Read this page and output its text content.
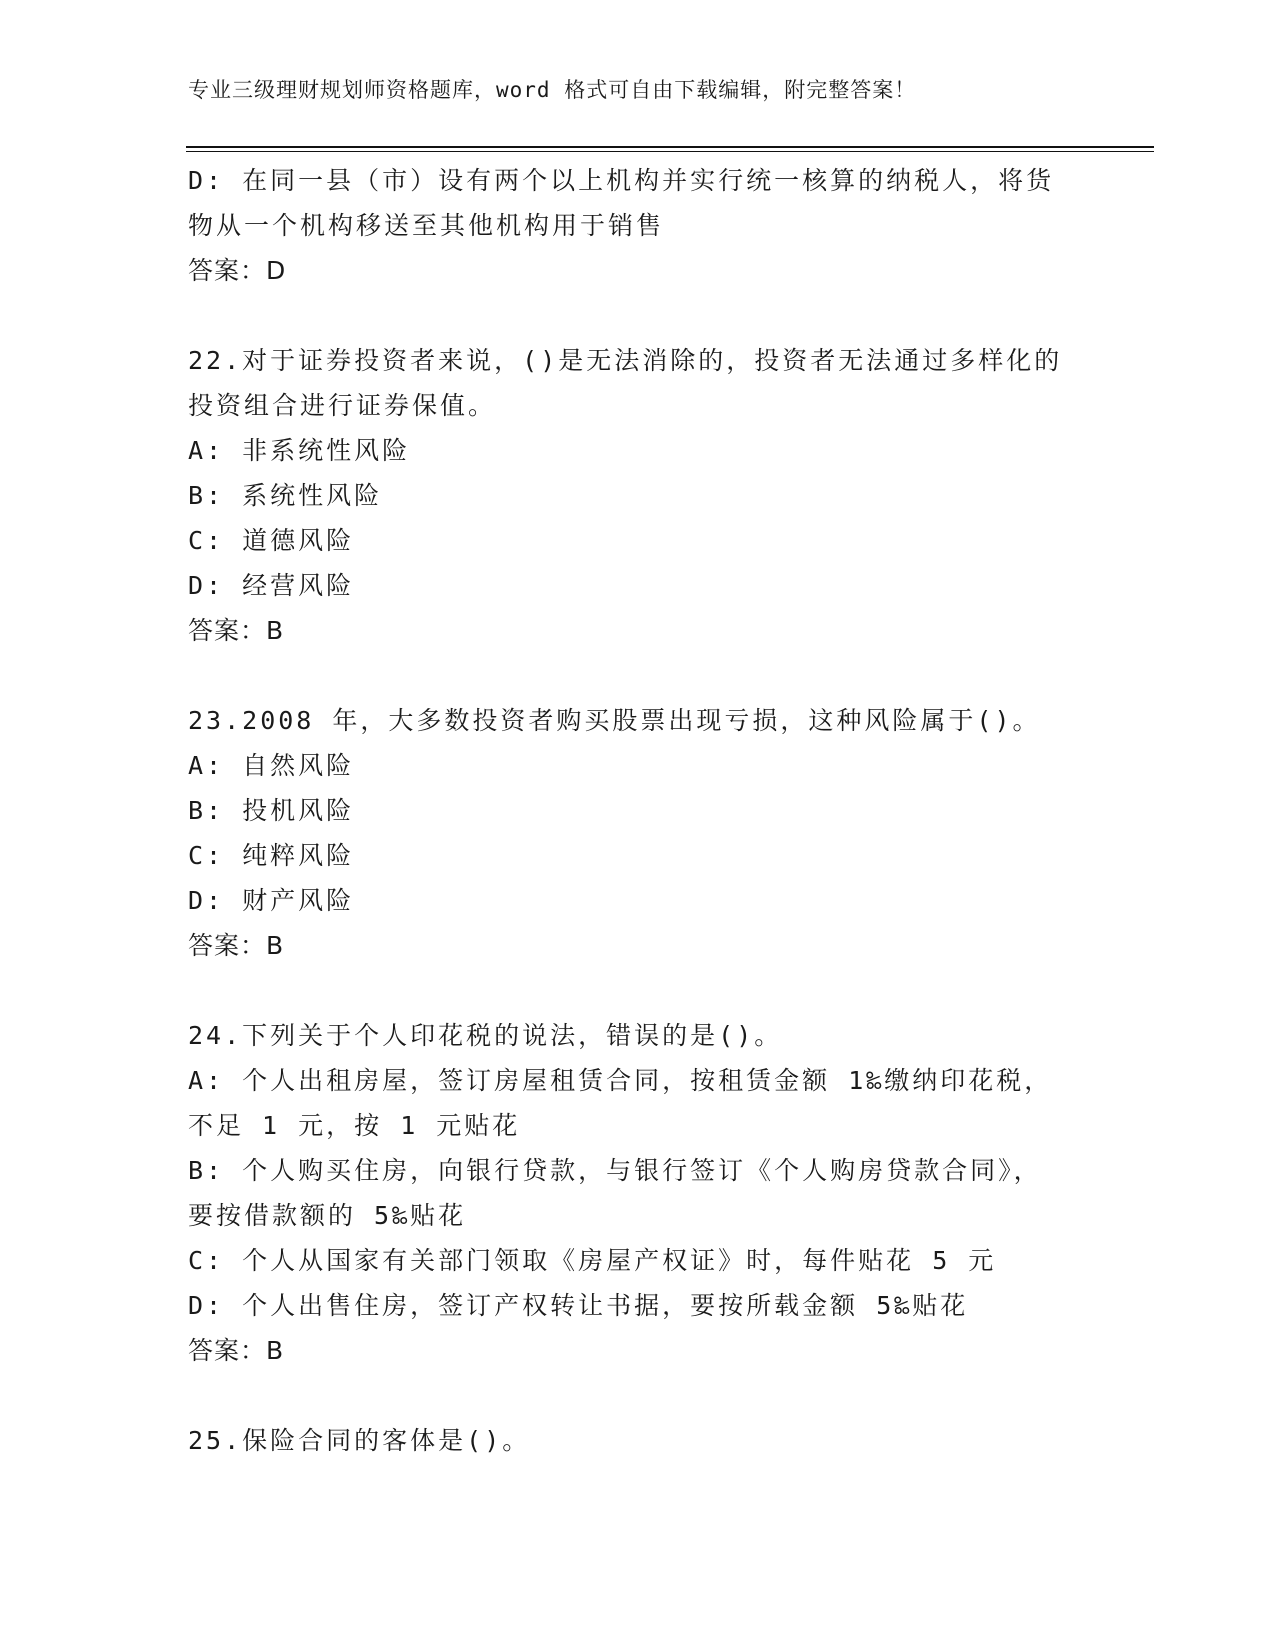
专业三级理财规划师资格题库，word 格式可自由下载编辑，附完整答案！
D: 在同一县（市）设有两个以上机构并实行统一核算的纳税人，将货
物从一个机构移送至其他机构用于销售
答案：D
22.对于证券投资者来说，()是无法消除的，投资者无法通过多样化的
投资组合进行证券保值。
A: 非系统性风险
B: 系统性风险
C: 道德风险
D: 经营风险
答案：B
23.2008 年，大多数投资者购买股票出现亏损，这种风险属于()。
A: 自然风险
B: 投机风险
C: 纯粹风险
D: 财产风险
答案：B
24.下列关于个人印花税的说法，错误的是()。
A: 个人出租房屋，签订房屋租赁合同，按租赁金额 1‰缴纳印花税，
不足 1 元，按 1 元贴花
B: 个人购买住房，向银行贷款，与银行签订《个人购房贷款合同》，
要按借款额的 5‰贴花
C: 个人从国家有关部门领取《房屋产权证》时，每件贴花 5 元
D: 个人出售住房，签订产权转让书据，要按所载金额 5‰贴花
答案：B
25.保险合同的客体是()。
